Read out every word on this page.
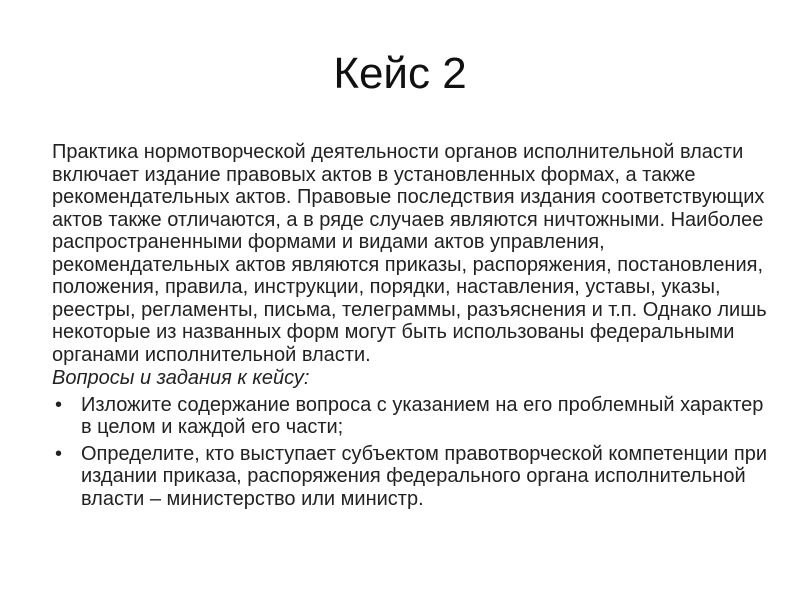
Кейс 2

Практика нормотворческой деятельности органов исполнительной власти включает издание правовых актов в установленных формах, а также рекомендательных актов. Правовые последствия издания соответствующих актов также отличаются, а в ряде случаев являются ничтожными. Наиболее распространенными формами и видами актов управления, рекомендательных актов являются приказы, распоряжения, постановления, положения, правила, инструкции, порядки, наставления, уставы, указы, реестры, регламенты, письма, телеграммы, разъяснения и т.п. Однако лишь некоторые из названных форм могут быть использованы федеральными органами исполнительной власти.

Вопросы и задания к кейсу:

• Изложите содержание вопроса с указанием на его проблемный характер в целом и каждой его части;
• Определите, кто выступает субъектом правотворческой компетенции при издании приказа, распоряжения федерального органа исполнительной власти – министерство или министр.
